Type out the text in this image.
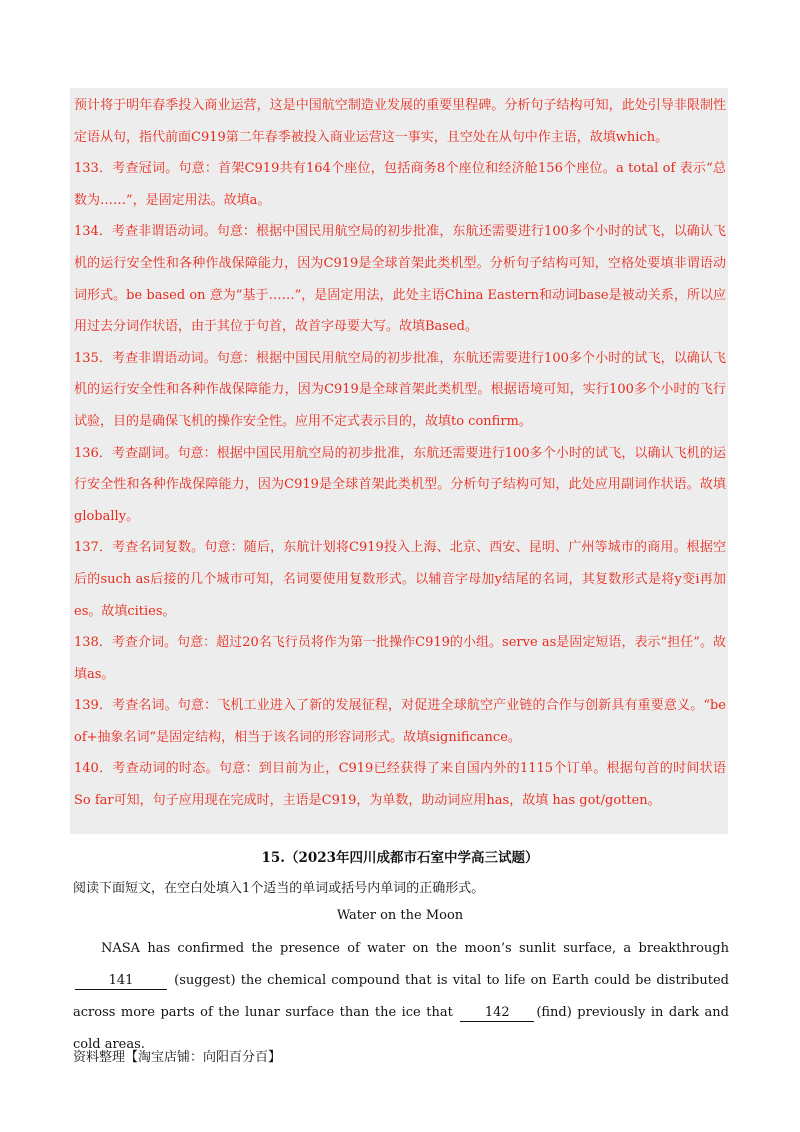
预计将于明年春季投入商业运营，这是中国航空制造业发展的重要里程碑。分析句子结构可知，此处引导非限制性定语从句，指代前面C919第二年春季被投入商业运营这一事实，且空处在从句中作主语，故填which。

133．考查冠词。句意：首架C919共有164个座位，包括商务8个座位和经济舱156个座位。a total of 表示“总数为……”，是固定用法。故填a。

134．考查非谓语动词。句意：根据中国民用航空局的初步批准，东航还需要进行100多个小时的试飞，以确认飞机的运行安全性和各种作战保障能力，因为C919是全球首架此类机型。分析句子结构可知，空格处要填非谓语动词形式。be based on 意为“基于……”，是固定用法，此处主语China Eastern和动词base是被动关系，所以应用过去分词作状语，由于其位于句首，故首字母要大写。故填Based。

135．考查非谓语动词。句意：根据中国民用航空局的初步批准，东航还需要进行100多个小时的试飞，以确认飞机的运行安全性和各种作战保障能力，因为C919是全球首架此类机型。根据语境可知，实行100多个小时的飞行试验，目的是确保飞机的操作安全性。应用不定式表示目的，故填to confirm。

136．考查副词。句意：根据中国民用航空局的初步批准，东航还需要进行100多个小时的试飞，以确认飞机的运行安全性和各种作战保障能力，因为C919是全球首架此类机型。分析句子结构可知，此处应用副词作状语。故填globally。

137．考查名词复数。句意：随后，东航计划将C919投入上海、北京、西安、昆明、广州等城市的商用。根据空后的such as后接的几个城市可知，名词要使用复数形式。以辅音字母加y结尾的名词，其复数形式是将y变i再加es。故填cities。

138．考查介词。句意：超过20名飞行员将作为第一批操作C919的小组。serve as是固定短语，表示“担任”。故填as。

139．考查名词。句意：飞机工业进入了新的发展征程，对促进全球航空产业链的合作与创新具有重要意义。“be of+抽象名词”是固定结构，相当于该名词的形容词形式。故填significance。

140．考查动词的时态。句意：到目前为止，C919已经获得了来自国内外的1115个订单。根据句首的时间状语So far可知，句子应用现在完成时，主语是C919，为单数，助动词应用has，故填 has got/gotten。

15.（2023年四川成都市石室中学高三试题）
阅读下面短文，在空白处填入1个适当的单词或括号内单词的正确形式。
Water on the Moon

NASA has confirmed the presence of water on the moon’s sunlit surface, a breakthrough 141	(suggest) the chemical compound that is vital to life on Earth could be distributed across more parts of the lunar surface than the ice that 142 (find) previously in dark and cold areas.

资料整理【淘宝店铺：向阳百分百】
